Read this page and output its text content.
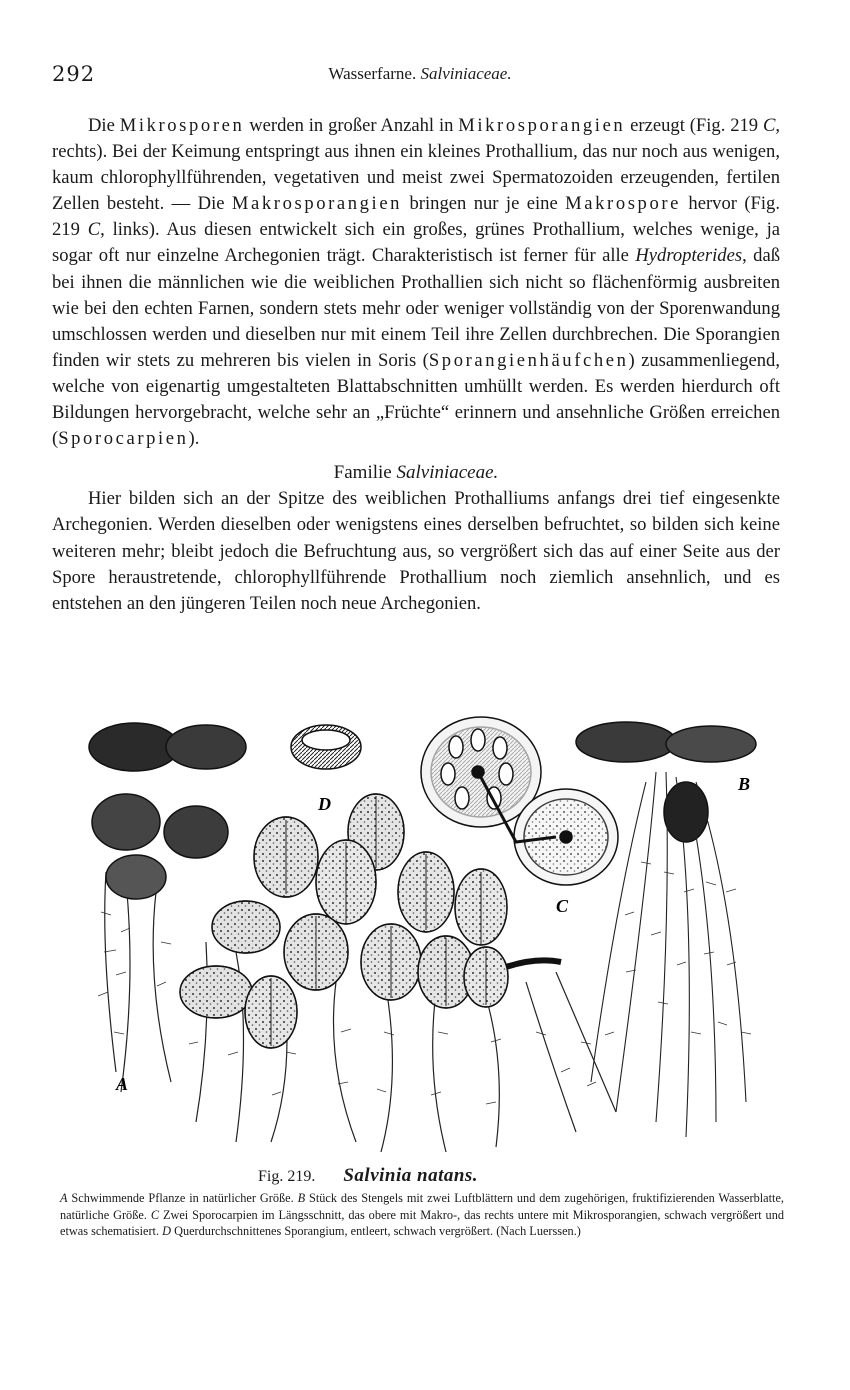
292	Wasserfarne. Salviniaceae.

Die Mikrosporen werden in großer Anzahl in Mikrosporangien erzeugt (Fig. 219 C, rechts). Bei der Keimung entspringt aus ihnen ein kleines Prothallium, das nur noch aus wenigen, kaum chlorophyllführenden, vegetativen und meist zwei Spermatozoiden erzeugenden, fertilen Zellen besteht. — Die Makrosporangien bringen nur je eine Makrospore hervor (Fig. 219 C, links). Aus diesen entwickelt sich ein großes, grünes Prothallium, welches wenige, ja sogar oft nur einzelne Archegonien trägt. Charakteristisch ist ferner für alle Hydropterides, daß bei ihnen die männlichen wie die weiblichen Prothallien sich nicht so flächenförmig ausbreiten wie bei den echten Farnen, sondern stets mehr oder weniger vollständig von der Sporenwandung umschlossen werden und dieselben nur mit einem Teil ihre Zellen durchbrechen. Die Sporangien finden wir stets zu mehreren bis vielen in Soris (Sporangienhäufchen) zusammenliegend, welche von eigenartig umgestalteten Blattabschnitten umhüllt werden. Es werden hierdurch oft Bildungen hervorgebracht, welche sehr an „Früchte“ erinnern und ansehnliche Größen erreichen (Sporocarpien).

Familie Salviniaceae.

Hier bilden sich an der Spitze des weiblichen Prothalliums anfangs drei tief eingesenkte Archegonien. Werden dieselben oder wenigstens eines derselben befruchtet, so bilden sich keine weiteren mehr; bleibt jedoch die Befruchtung aus, so vergrößert sich das auf einer Seite aus der Spore heraustretende, chlorophyllführende Prothallium noch ziemlich ansehnlich, und es entstehen an den jüngeren Teilen noch neue Archegonien.

A
D
C
B
Fig. 219. Salvinia natans.
A Schwimmende Pflanze in natürlicher Größe. B Stück des Stengels mit zwei Luftblättern und dem zugehörigen, fruktifizierenden Wasserblatte, natürliche Größe. C Zwei Sporocarpien im Längsschnitt, das obere mit Makro-, das rechts untere mit Mikrosporangien, schwach vergrößert und etwas schematisiert. D Querdurchschnittenes Sporangium, entleert, schwach vergrößert. (Nach Luerssen.)
